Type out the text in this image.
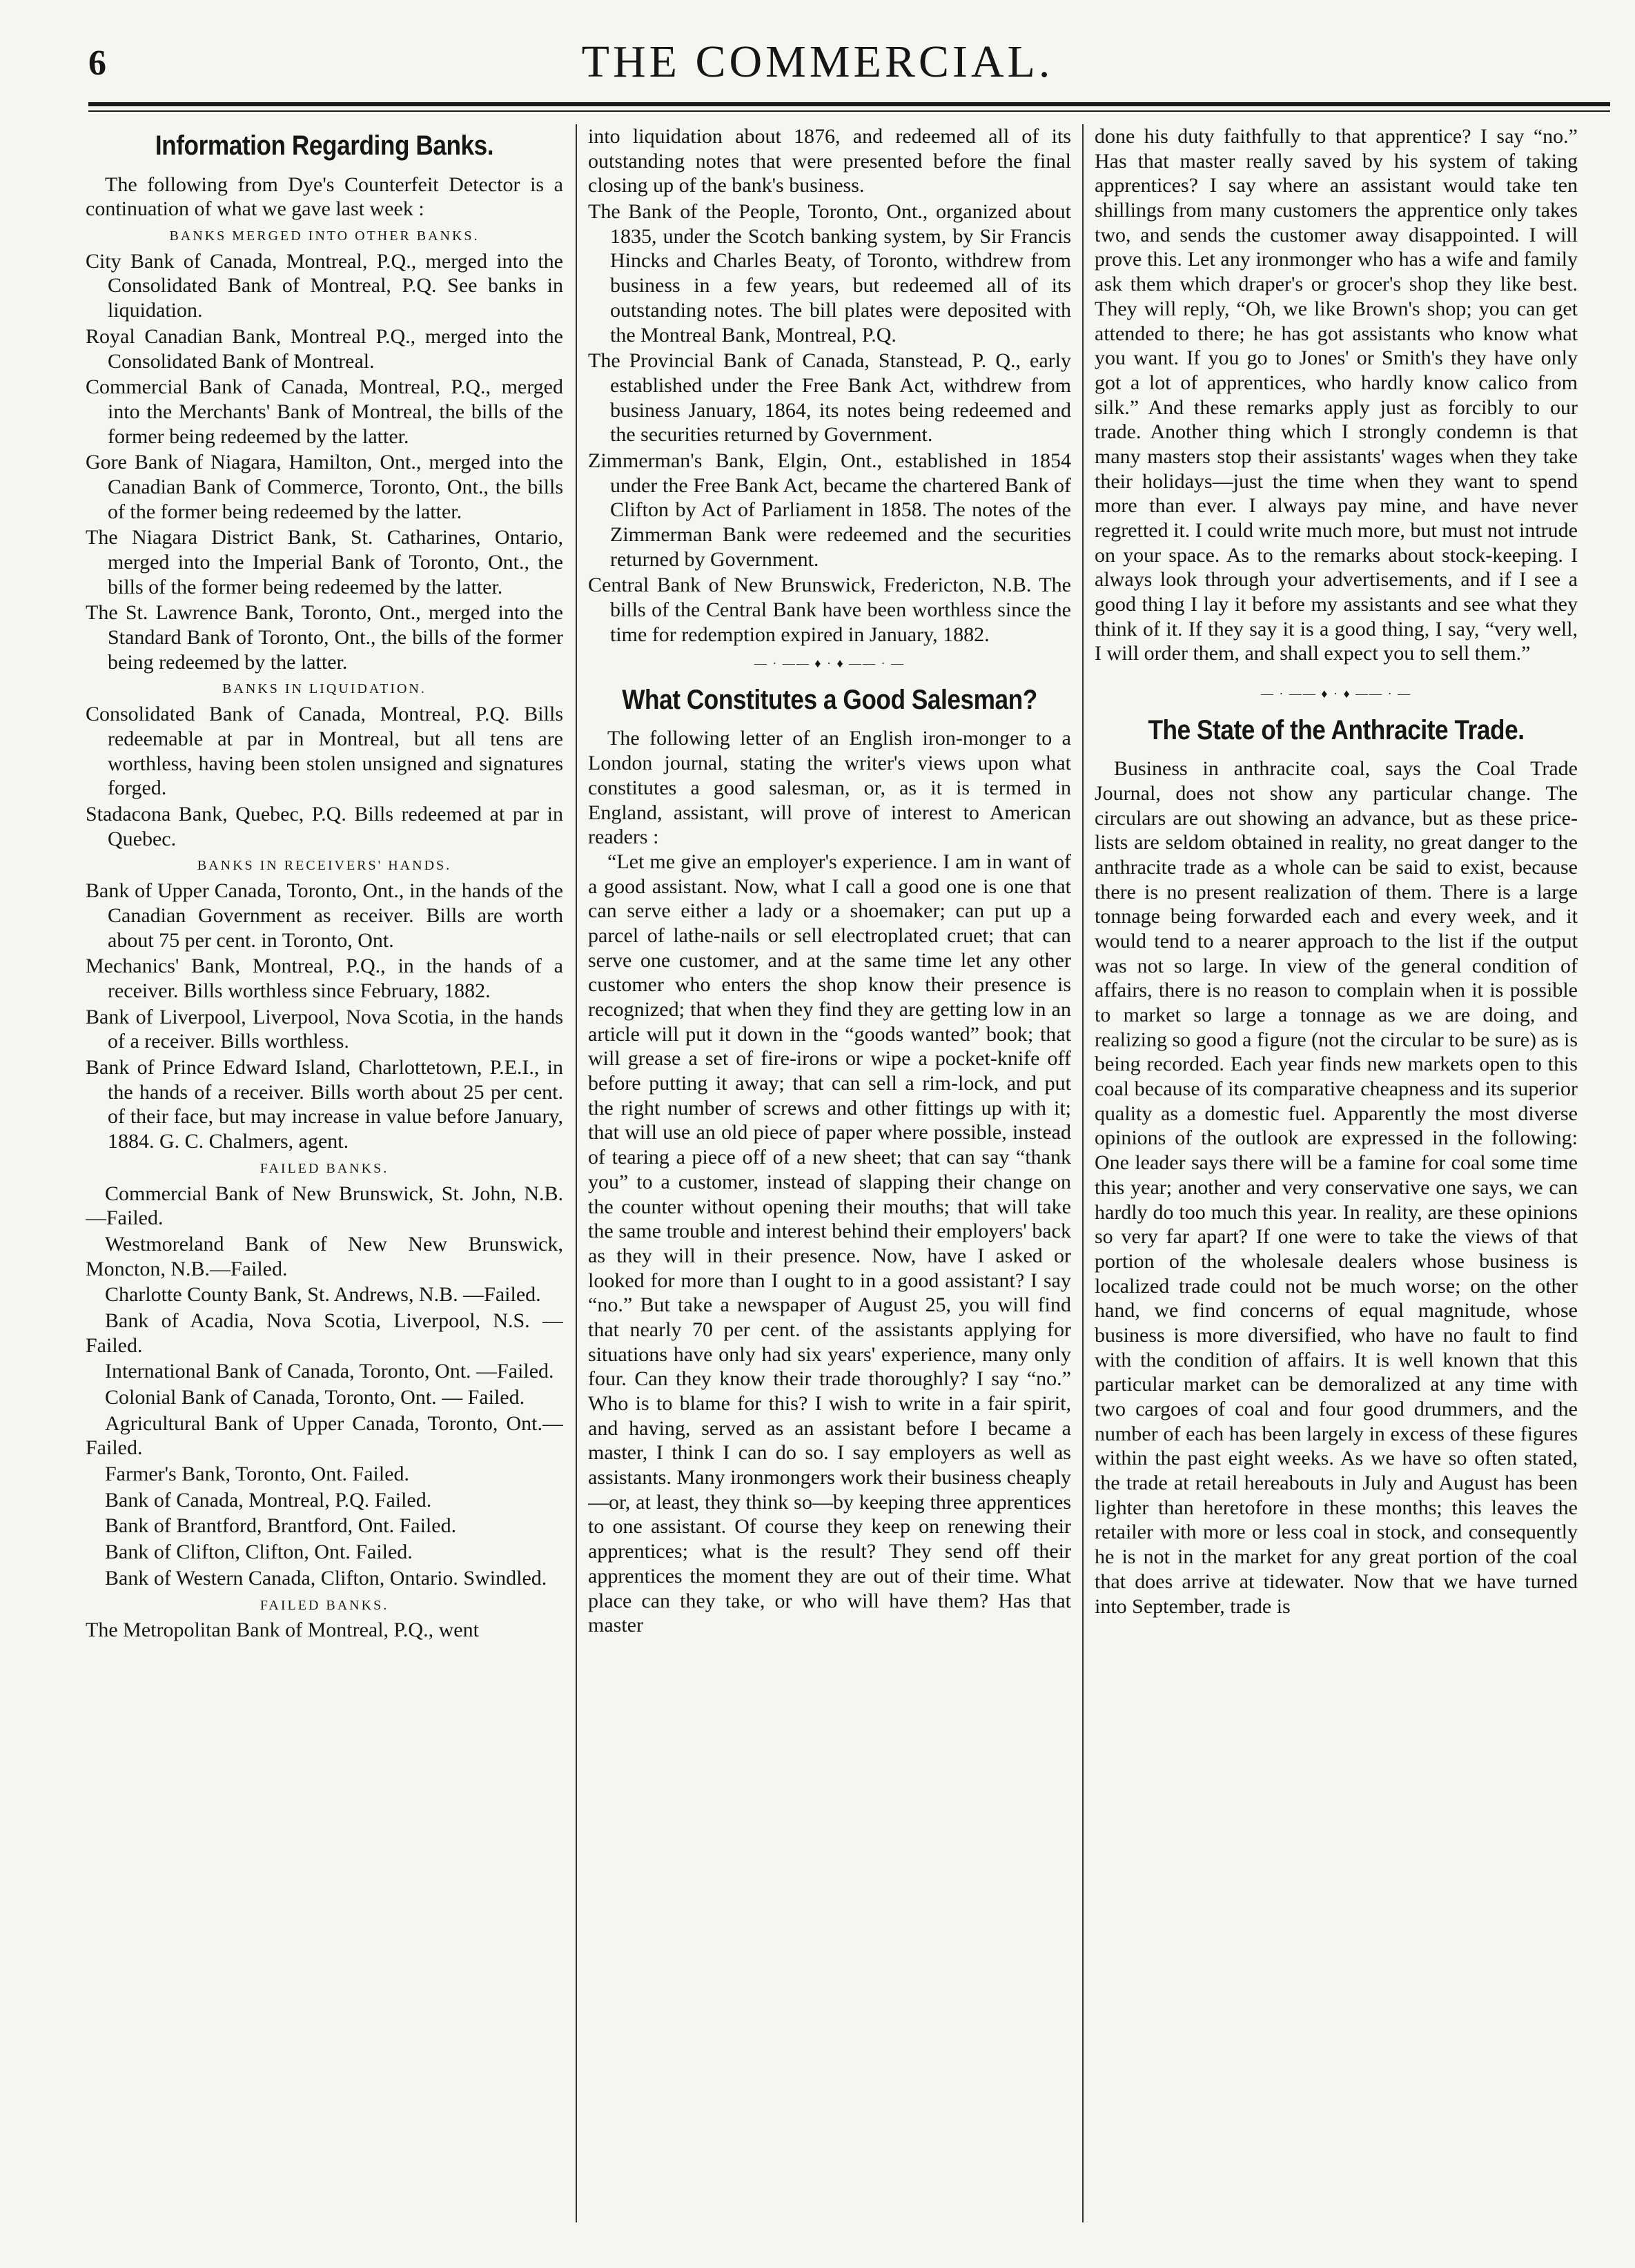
6	THE COMMERCIAL.
Information Regarding Banks.

The following from Dye's Counterfeit Detector is a continuation of what we gave last week :

BANKS MERGED INTO OTHER BANKS.

City Bank of Canada, Montreal, P.Q., merged into the Consolidated Bank of Montreal, P.Q. See banks in liquidation.

Royal Canadian Bank, Montreal P.Q., merged into the Consolidated Bank of Montreal.

Commercial Bank of Canada, Montreal, P.Q., merged into the Merchants' Bank of Montreal, the bills of the former being redeemed by the latter.

Gore Bank of Niagara, Hamilton, Ont., merged into the Canadian Bank of Commerce, Toronto, Ont., the bills of the former being redeemed by the latter.

The Niagara District Bank, St. Catharines, Ontario, merged into the Imperial Bank of Toronto, Ont., the bills of the former being redeemed by the latter.

The St. Lawrence Bank, Toronto, Ont., merged into the Standard Bank of Toronto, Ont., the bills of the former being redeemed by the latter.

BANKS IN LIQUIDATION.

Consolidated Bank of Canada, Montreal, P.Q. Bills redeemable at par in Montreal, but all tens are worthless, having been stolen unsigned and signatures forged.

Stadacona Bank, Quebec, P.Q. Bills redeemed at par in Quebec.

BANKS IN RECEIVERS' HANDS.

Bank of Upper Canada, Toronto, Ont., in the hands of the Canadian Government as receiver. Bills are worth about 75 per cent. in Toronto, Ont.

Mechanics' Bank, Montreal, P.Q., in the hands of a receiver. Bills worthless since February, 1882.

Bank of Liverpool, Liverpool, Nova Scotia, in the hands of a receiver. Bills worthless.

Bank of Prince Edward Island, Charlottetown, P.E.I., in the hands of a receiver. Bills worth about 25 per cent. of their face, but may increase in value before January, 1884. G. C. Chalmers, agent.

FAILED BANKS.

Commercial Bank of New Brunswick, St. John, N.B.—Failed.

Westmoreland Bank of New New Brunswick, Moncton, N.B.—Failed.

Charlotte County Bank, St. Andrews, N.B. —Failed.

Bank of Acadia, Nova Scotia, Liverpool, N.S. —Failed.

International Bank of Canada, Toronto, Ont. —Failed.

Colonial Bank of Canada, Toronto, Ont. — Failed.

Agricultural Bank of Upper Canada, Toronto, Ont.—Failed.

Farmer's Bank, Toronto, Ont. Failed.

Bank of Canada, Montreal, P.Q. Failed.

Bank of Brantford, Brantford, Ont. Failed.

Bank of Clifton, Clifton, Ont. Failed.

Bank of Western Canada, Clifton, Ontario. Swindled.

FAILED BANKS.

The Metropolitan Bank of Montreal, P.Q., went

into liquidation about 1876, and redeemed all of its outstanding notes that were presented before the final closing up of the bank's business.

The Bank of the People, Toronto, Ont., organized about 1835, under the Scotch banking system, by Sir Francis Hincks and Charles Beaty, of Toronto, withdrew from business in a few years, but redeemed all of its outstanding notes. The bill plates were deposited with the Montreal Bank, Montreal, P.Q.

The Provincial Bank of Canada, Stanstead, P. Q., early established under the Free Bank Act, withdrew from business January, 1864, its notes being redeemed and the securities returned by Government.

Zimmerman's Bank, Elgin, Ont., established in 1854 under the Free Bank Act, became the chartered Bank of Clifton by Act of Parliament in 1858. The notes of the Zimmerman Bank were redeemed and the securities returned by Government.

Central Bank of New Brunswick, Fredericton, N.B. The bills of the Central Bank have been worthless since the time for redemption expired in January, 1882.

— · —— ♦ · ♦ —— · —
What Constitutes a Good Salesman?

The following letter of an English iron-monger to a London journal, stating the writer's views upon what constitutes a good salesman, or, as it is termed in England, assistant, will prove of interest to American readers :

“Let me give an employer's experience. I am in want of a good assistant. Now, what I call a good one is one that can serve either a lady or a shoemaker; can put up a parcel of lathe-nails or sell electroplated cruet; that can serve one customer, and at the same time let any other customer who enters the shop know their presence is recognized; that when they find they are getting low in an article will put it down in the “goods wanted” book; that will grease a set of fire-irons or wipe a pocket-knife off before putting it away; that can sell a rim-lock, and put the right number of screws and other fittings up with it; that will use an old piece of paper where possible, instead of tearing a piece off of a new sheet; that can say “thank you” to a customer, instead of slapping their change on the counter without opening their mouths; that will take the same trouble and interest behind their employers' back as they will in their presence. Now, have I asked or looked for more than I ought to in a good assistant? I say “no.” But take a newspaper of August 25, you will find that nearly 70 per cent. of the assistants applying for situations have only had six years' experience, many only four. Can they know their trade thoroughly? I say “no.” Who is to blame for this? I wish to write in a fair spirit, and having, served as an assistant before I became a master, I think I can do so. I say employers as well as assistants. Many ironmongers work their business cheaply—or, at least, they think so—by keeping three apprentices to one assistant. Of course they keep on renewing their apprentices; what is the result? They send off their apprentices the moment they are out of their time. What place can they take, or who will have them? Has that master

done his duty faithfully to that apprentice? I say “no.” Has that master really saved by his system of taking apprentices? I say where an assistant would take ten shillings from many customers the apprentice only takes two, and sends the customer away disappointed. I will prove this. Let any ironmonger who has a wife and family ask them which draper's or grocer's shop they like best. They will reply, “Oh, we like Brown's shop; you can get attended to there; he has got assistants who know what you want. If you go to Jones' or Smith's they have only got a lot of apprentices, who hardly know calico from silk.” And these remarks apply just as forcibly to our trade. Another thing which I strongly condemn is that many masters stop their assistants' wages when they take their holidays—just the time when they want to spend more than ever. I always pay mine, and have never regretted it. I could write much more, but must not intrude on your space. As to the remarks about stock-keeping. I always look through your advertisements, and if I see a good thing I lay it before my assistants and see what they think of it. If they say it is a good thing, I say, “very well, I will order them, and shall expect you to sell them.”

— · —— ♦ · ♦ —— · —
The State of the Anthracite Trade.

Business in anthracite coal, says the Coal Trade Journal, does not show any particular change. The circulars are out showing an advance, but as these price-lists are seldom obtained in reality, no great danger to the anthracite trade as a whole can be said to exist, because there is no present realization of them. There is a large tonnage being forwarded each and every week, and it would tend to a nearer approach to the list if the output was not so large. In view of the general condition of affairs, there is no reason to complain when it is possible to market so large a tonnage as we are doing, and realizing so good a figure (not the circular to be sure) as is being recorded. Each year finds new markets open to this coal because of its comparative cheapness and its superior quality as a domestic fuel. Apparently the most diverse opinions of the outlook are expressed in the following: One leader says there will be a famine for coal some time this year; another and very conservative one says, we can hardly do too much this year. In reality, are these opinions so very far apart? If one were to take the views of that portion of the wholesale dealers whose business is localized trade could not be much worse; on the other hand, we find concerns of equal magnitude, whose business is more diversified, who have no fault to find with the condition of affairs. It is well known that this particular market can be demoralized at any time with two cargoes of coal and four good drummers, and the number of each has been largely in excess of these figures within the past eight weeks. As we have so often stated, the trade at retail hereabouts in July and August has been lighter than heretofore in these months; this leaves the retailer with more or less coal in stock, and consequently he is not in the market for any great portion of the coal that does arrive at tidewater. Now that we have turned into September, trade is
